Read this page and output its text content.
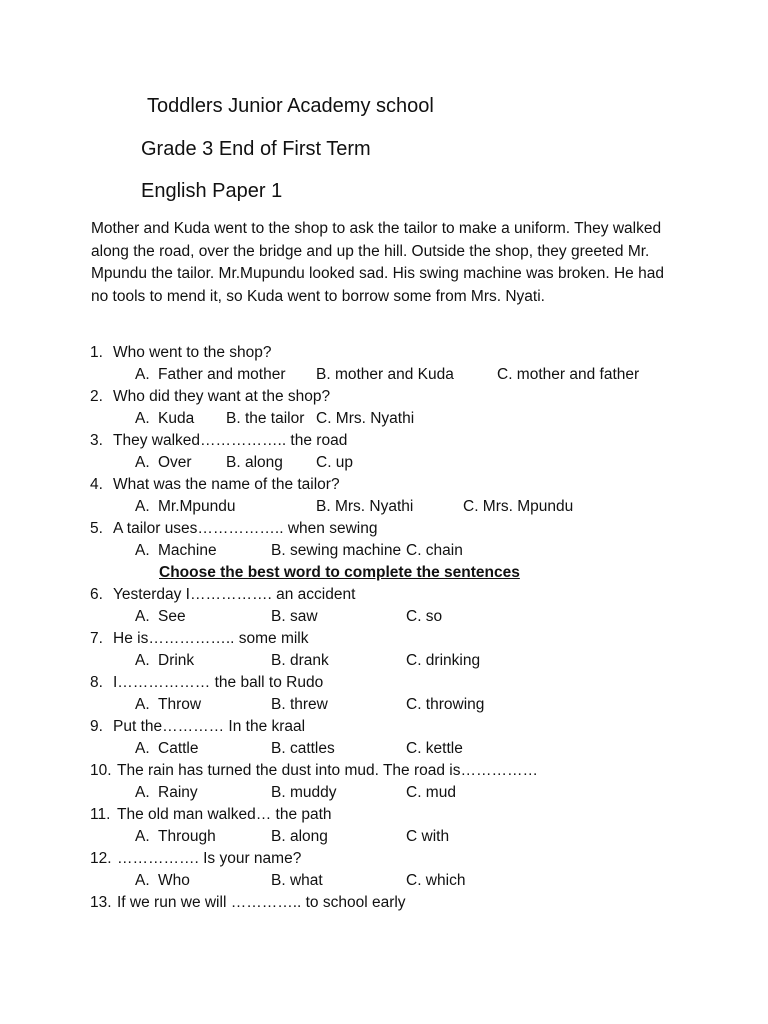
Toddlers Junior Academy school
Grade 3 End of First Term
English Paper 1
Mother and Kuda went to the shop to ask the tailor to make a uniform. They walked along the road, over the bridge and up the hill. Outside the shop, they greeted Mr. Mpundu the tailor. Mr.Mupundu looked sad. His swing machine was broken. He had no tools to mend it, so Kuda went to borrow some from Mrs. Nyati.
1. Who went to the shop?
A. Father and mother B. mother and Kuda	C. mother and father
2. Who did they want at the shop?
A. Kuda B. the tailor C. Mrs. Nyathi
3. They walked…………….. the road
A. Over B. along C. up
4. What was the name of the tailor?
A. Mr.Mpundu	B. Mrs. Nyathi	C. Mrs. Mpundu
5. A tailor uses…………….. when sewing
A. Machine	B. sewing machine C. chain
Choose the best word to complete the sentences
6. Yesterday I……………. an accident
A. See	B. saw	C. so
7. He is…………….. some milk
A. Drink	B. drank	C. drinking
8. I……………… the ball to Rudo
A. Throw	B. threw	C. throwing
9. Put the………… In the kraal
A. Cattle	B. cattles	C. kettle
10. The rain has turned the dust into mud. The road is……………
A. Rainy	B. muddy	C. mud
11. The old man walked… the path
A. Through	B. along	C with
12. ……………. Is your name?
A. Who	B. what	C. which
13. If we run we will ………….. to school early
